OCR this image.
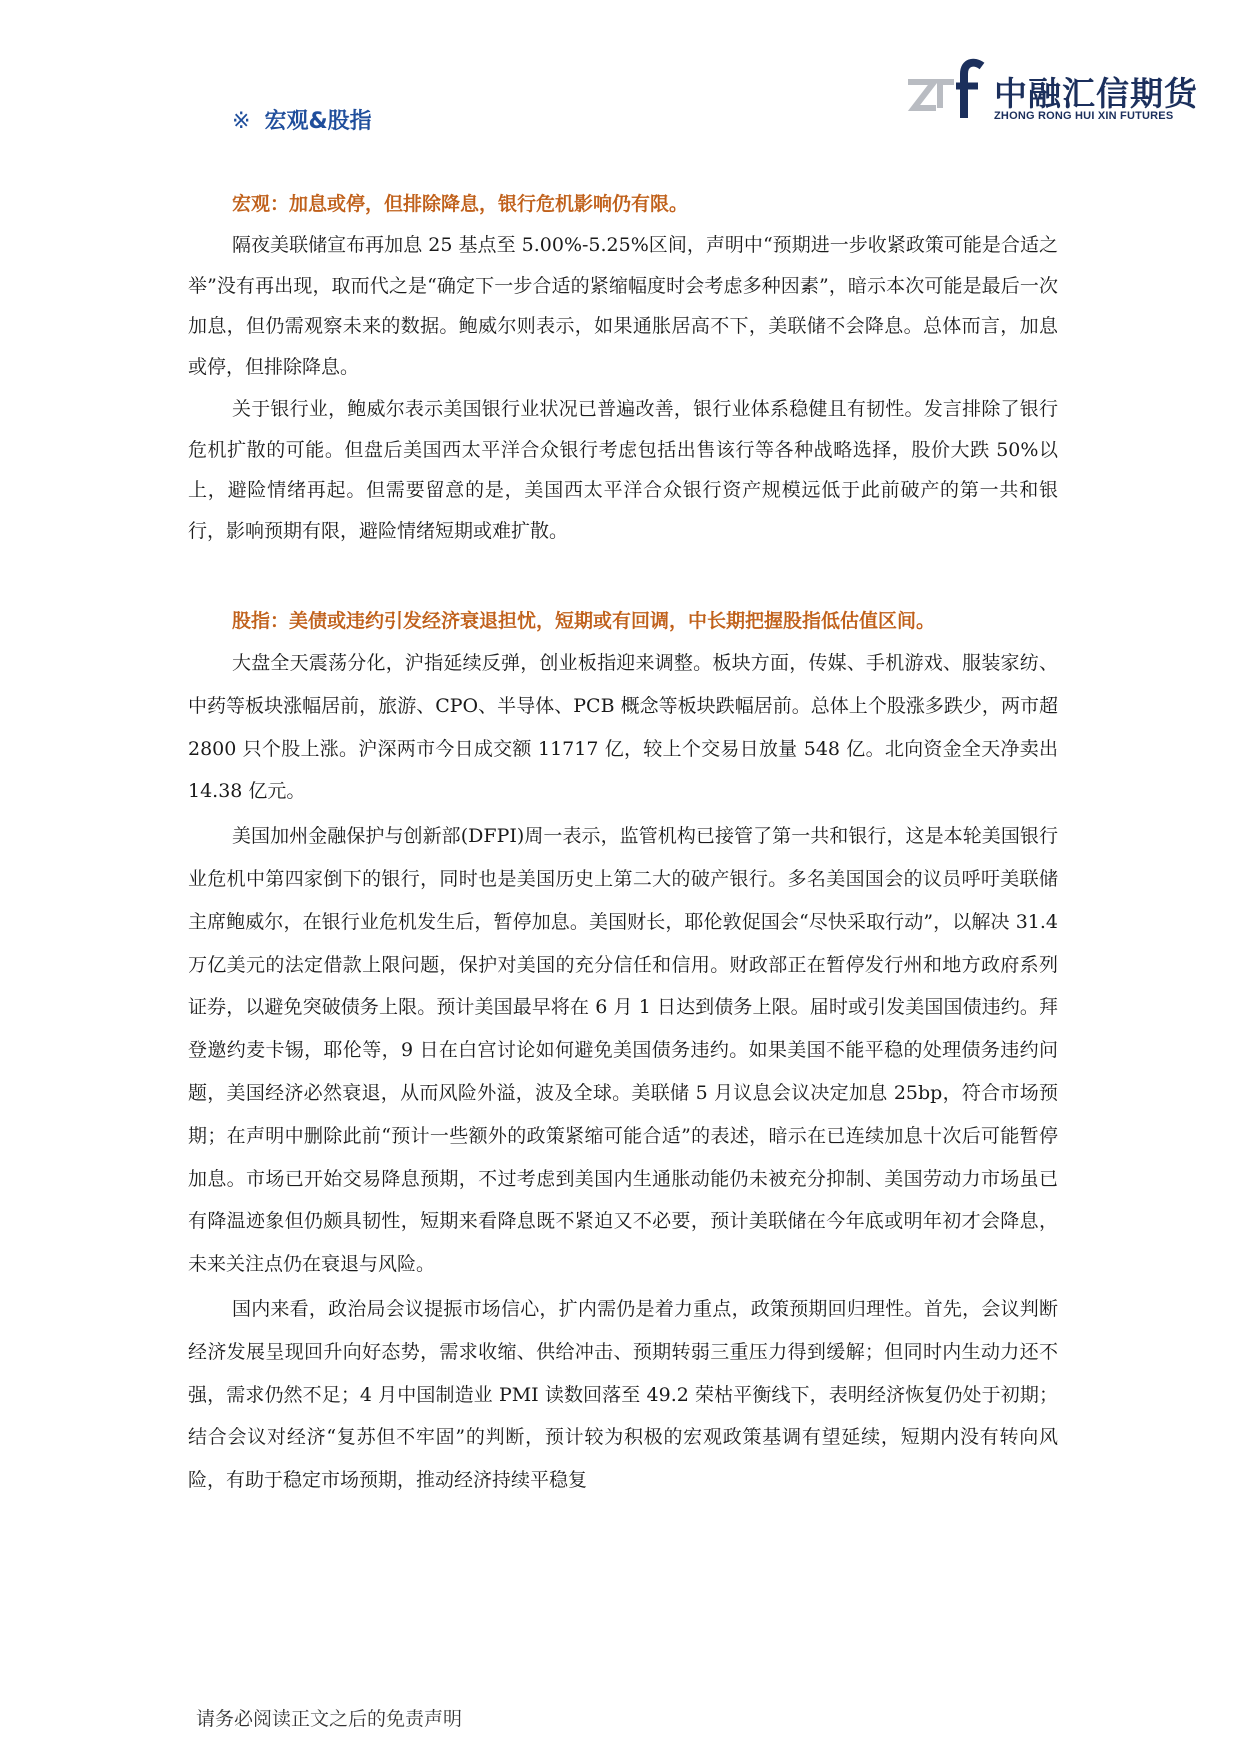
中融汇信期货
ZHONG RONG HUI XIN FUTURES
※ 宏观&股指
宏观：加息或停，但排除降息，银行危机影响仍有限。

隔夜美联储宣布再加息 25 基点至 5.00%-5.25%区间，声明中“预期进一步收紧政策可能是合适之举”没有再出现，取而代之是“确定下一步合适的紧缩幅度时会考虑多种因素”，暗示本次可能是最后一次加息，但仍需观察未来的数据。鲍威尔则表示，如果通胀居高不下，美联储不会降息。总体而言，加息或停，但排除降息。

关于银行业，鲍威尔表示美国银行业状况已普遍改善，银行业体系稳健且有韧性。发言排除了银行危机扩散的可能。但盘后美国西太平洋合众银行考虑包括出售该行等各种战略选择，股价大跌 50%以上，避险情绪再起。但需要留意的是，美国西太平洋合众银行资产规模远低于此前破产的第一共和银行，影响预期有限，避险情绪短期或难扩散。

股指：美债或违约引发经济衰退担忧，短期或有回调，中长期把握股指低估值区间。

大盘全天震荡分化，沪指延续反弹，创业板指迎来调整。板块方面，传媒、手机游戏、服装家纺、中药等板块涨幅居前，旅游、CPO、半导体、PCB 概念等板块跌幅居前。总体上个股涨多跌少，两市超 2800 只个股上涨。沪深两市今日成交额 11717 亿，较上个交易日放量 548 亿。北向资金全天净卖出 14.38 亿元。

美国加州金融保护与创新部(DFPI)周一表示，监管机构已接管了第一共和银行，这是本轮美国银行业危机中第四家倒下的银行，同时也是美国历史上第二大的破产银行。多名美国国会的议员呼吁美联储主席鲍威尔，在银行业危机发生后，暂停加息。美国财长，耶伦敦促国会“尽快采取行动”，以解决 31.4 万亿美元的法定借款上限问题，保护对美国的充分信任和信用。财政部正在暂停发行州和地方政府系列证券，以避免突破债务上限。预计美国最早将在 6 月 1 日达到债务上限。届时或引发美国国债违约。拜登邀约麦卡锡，耶伦等，9 日在白宫讨论如何避免美国债务违约。如果美国不能平稳的处理债务违约问题，美国经济必然衰退，从而风险外溢，波及全球。美联储 5 月议息会议决定加息 25bp，符合市场预期；在声明中删除此前“预计一些额外的政策紧缩可能合适”的表述，暗示在已连续加息十次后可能暂停加息。市场已开始交易降息预期，不过考虑到美国内生通胀动能仍未被充分抑制、美国劳动力市场虽已有降温迹象但仍颇具韧性，短期来看降息既不紧迫又不必要，预计美联储在今年底或明年初才会降息，未来关注点仍在衰退与风险。

国内来看，政治局会议提振市场信心，扩内需仍是着力重点，政策预期回归理性。首先，会议判断经济发展呈现回升向好态势，需求收缩、供给冲击、预期转弱三重压力得到缓解；但同时内生动力还不强，需求仍然不足；4 月中国制造业 PMI 读数回落至 49.2 荣枯平衡线下，表明经济恢复仍处于初期；结合会议对经济“复苏但不牢固”的判断，预计较为积极的宏观政策基调有望延续，短期内没有转向风险，有助于稳定市场预期，推动经济持续平稳复

请务必阅读正文之后的免责声明
